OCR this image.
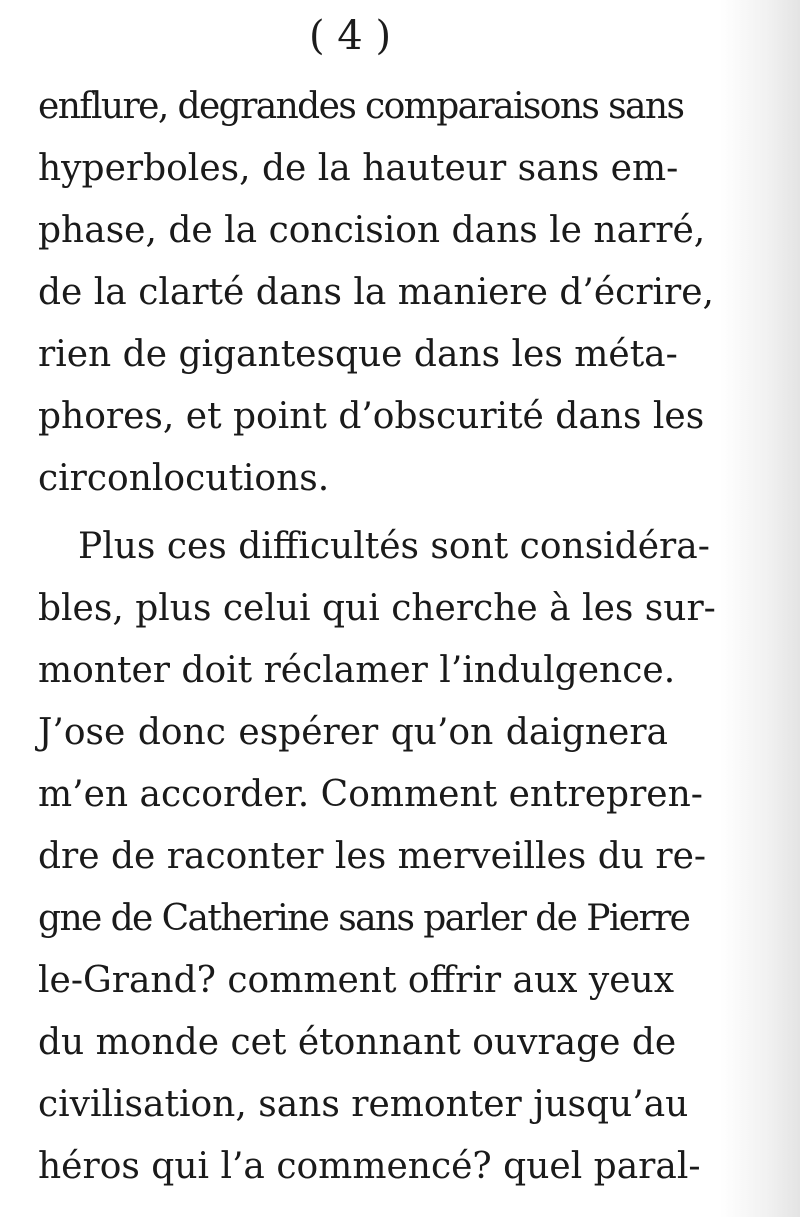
( 4 )
enflure, degrandes comparaisons sans
hyperboles, de la hauteur sans em-
phase, de la concision dans le narré,
de la clarté dans la maniere d’écrire,
rien de gigantesque dans les méta-
phores, et point d’obscurité dans les
circonlocutions.
Plus ces difficultés sont considéra-
bles, plus celui qui cherche à les sur-
monter doit réclamer l’indulgence.
J’ose donc espérer qu’on daignera
m’en accorder. Comment entrepren-
dre de raconter les merveilles du re-
gne de Catherine sans parler de Pierre
le-Grand? comment offrir aux yeux
du monde cet étonnant ouvrage de
civilisation, sans remonter jusqu’au
héros qui l’a commencé? quel paral-
